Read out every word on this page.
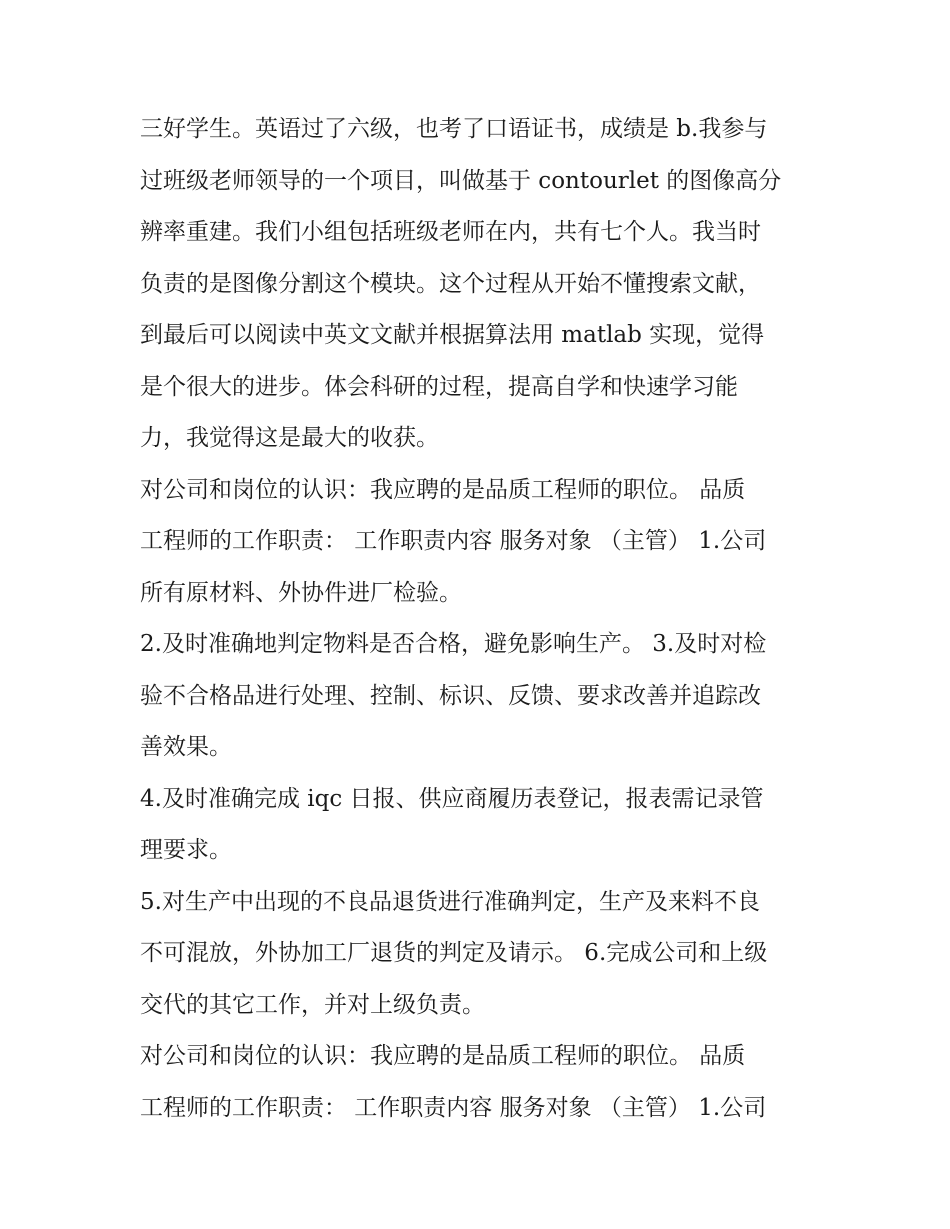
三好学生。英语过了六级，也考了口语证书，成绩是 b.我参与
过班级老师领导的一个项目，叫做基于 contourlet 的图像高分
辨率重建。我们小组包括班级老师在内，共有七个人。我当时
负责的是图像分割这个模块。这个过程从开始不懂搜索文献，
到最后可以阅读中英文文献并根据算法用 matlab 实现，觉得
是个很大的进步。体会科研的过程，提高自学和快速学习能
力，我觉得这是最大的收获。

对公司和岗位的认识：我应聘的是品质工程师的职位。 品质
工程师的工作职责： 工作职责内容 服务对象 （主管） 1.公司
所有原材料、外协件进厂检验。

2.及时准确地判定物料是否合格，避免影响生产。 3.及时对检
验不合格品进行处理、控制、标识、反馈、要求改善并追踪改
善效果。

4.及时准确完成 iqc 日报、供应商履历表登记，报表需记录管
理要求。

5.对生产中出现的不良品退货进行准确判定，生产及来料不良
不可混放，外协加工厂退货的判定及请示。 6.完成公司和上级
交代的其它工作，并对上级负责。

对公司和岗位的认识：我应聘的是品质工程师的职位。 品质
工程师的工作职责： 工作职责内容 服务对象 （主管） 1.公司
